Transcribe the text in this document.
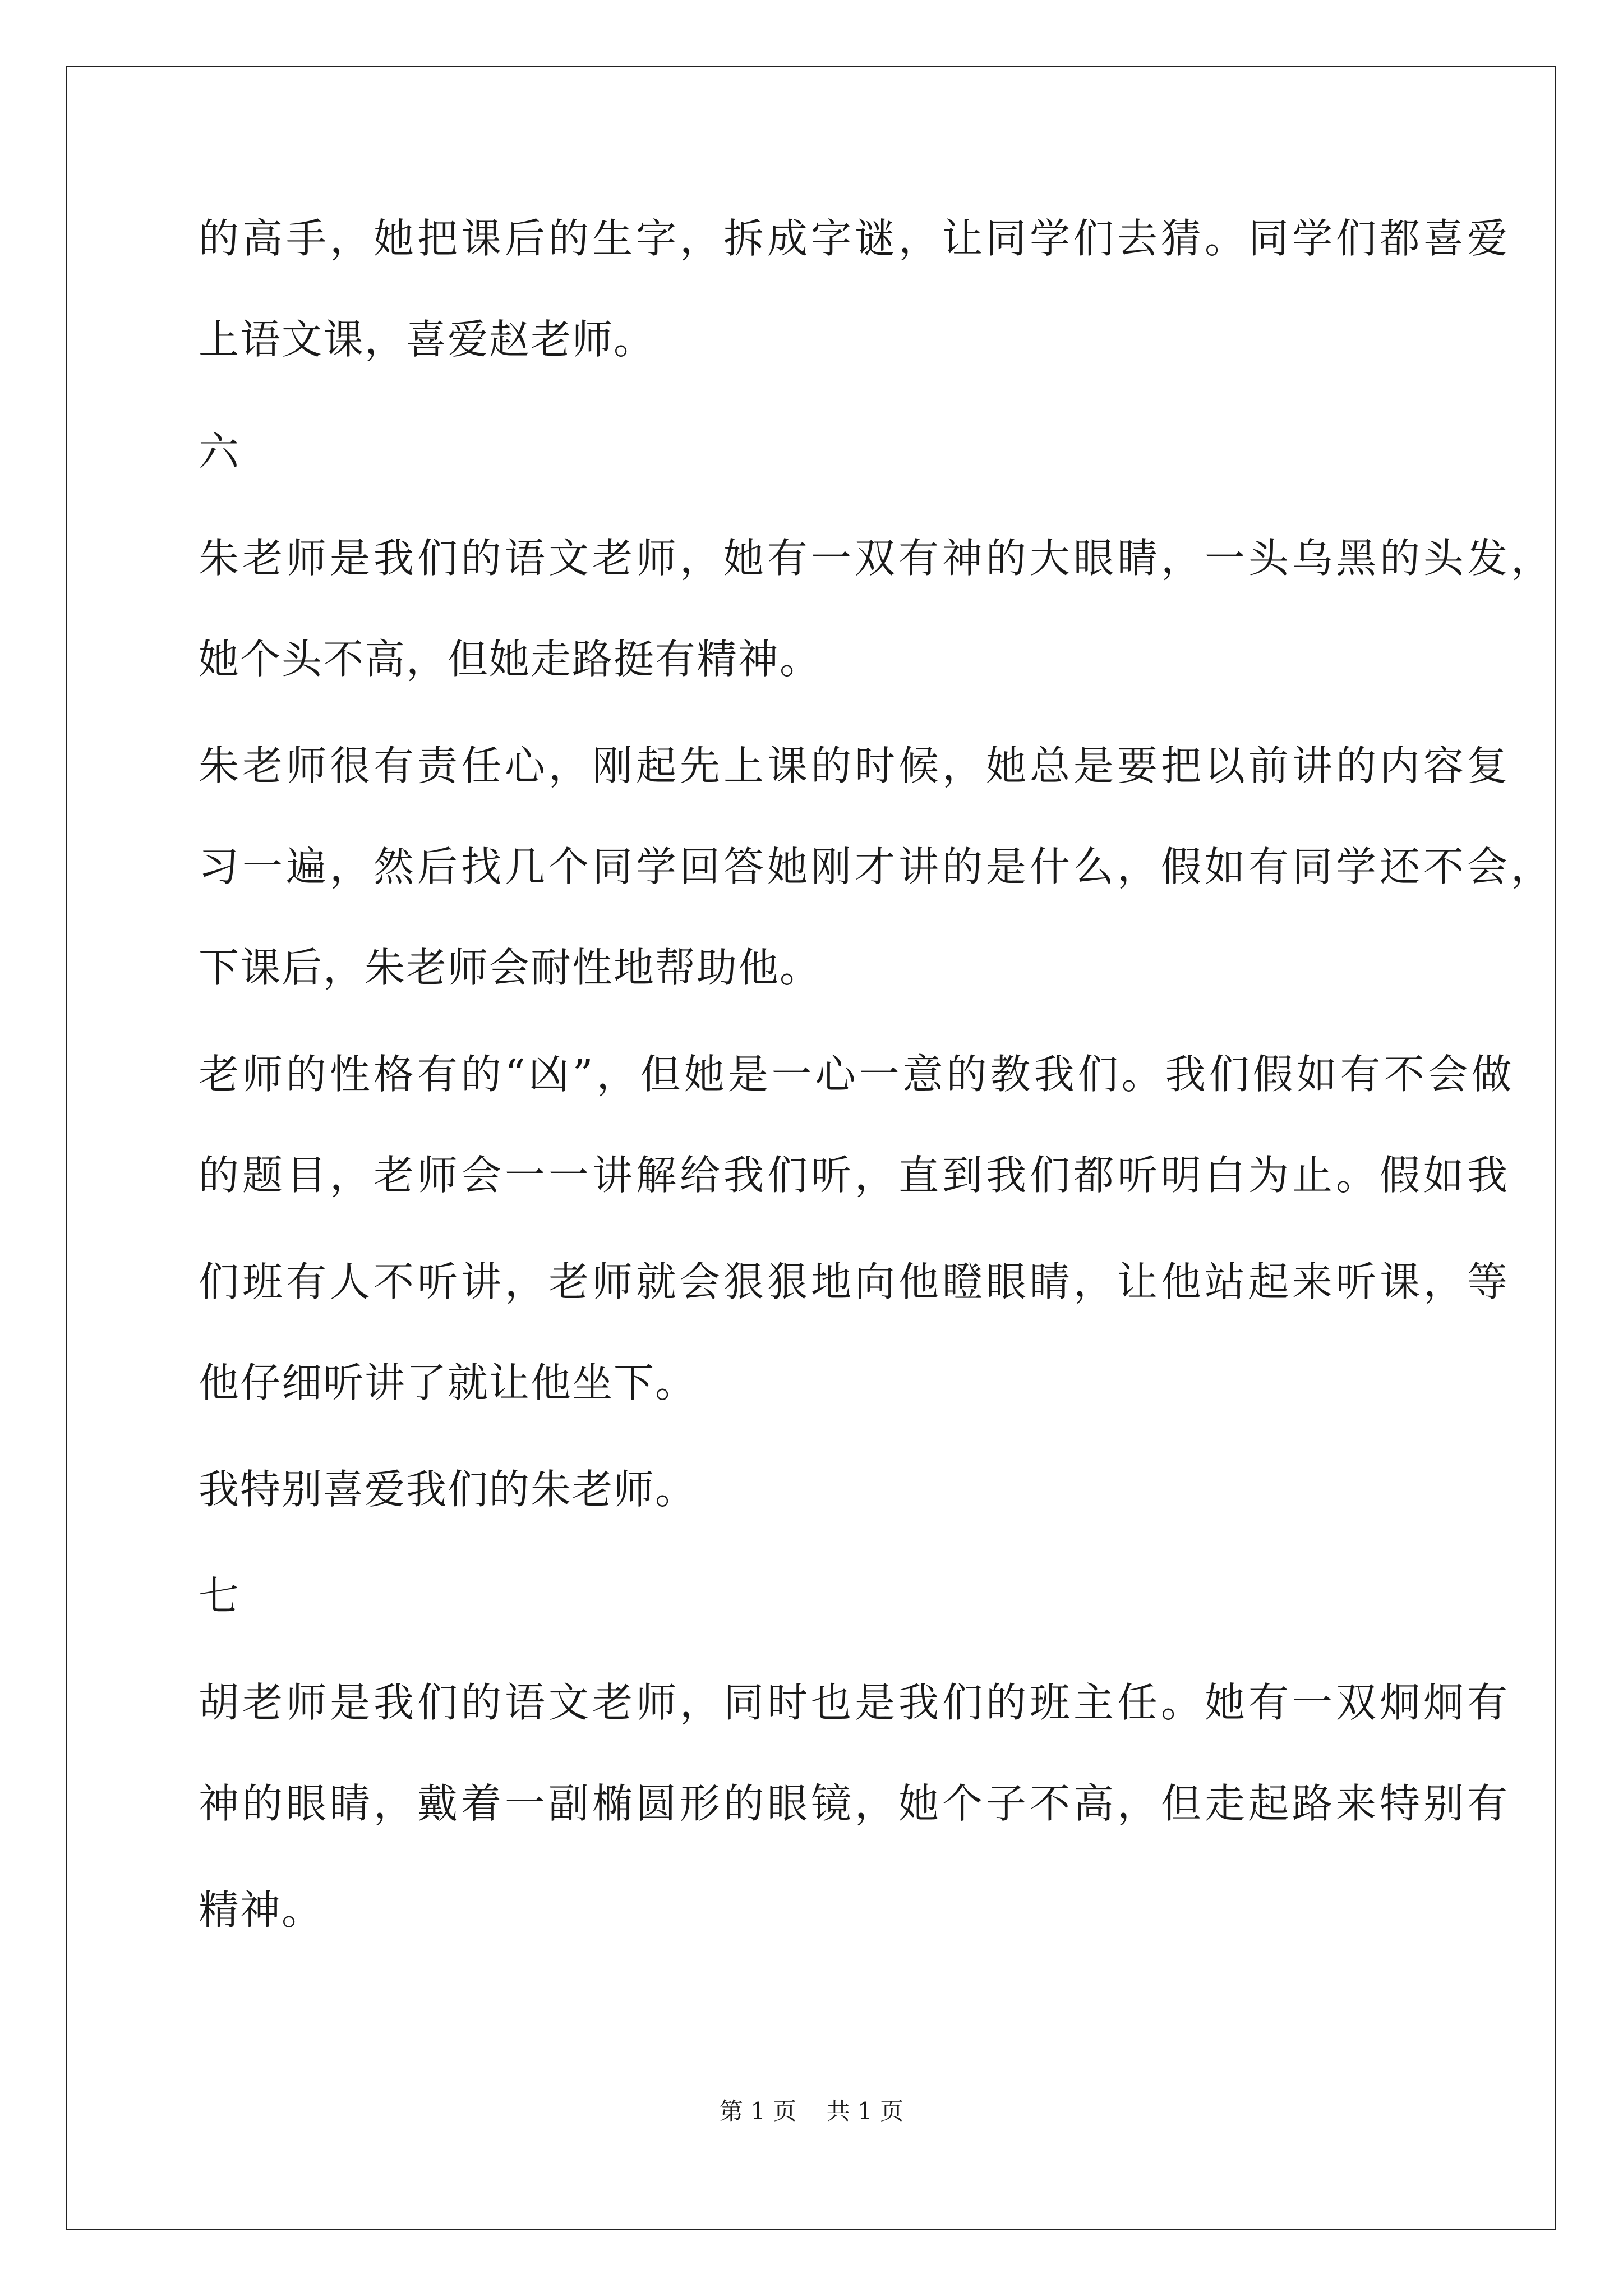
的高手，她把课后的生字，拆成字谜，让同学们去猜。同学们都喜爱
上语文课，喜爱赵老师。
六
朱老师是我们的语文老师，她有一双有神的大眼睛，一头乌黑的头发，
她个头不高，但她走路挺有精神。
朱老师很有责任心，刚起先上课的时候，她总是要把以前讲的内容复
习一遍，然后找几个同学回答她刚才讲的是什么，假如有同学还不会，
下课后，朱老师会耐性地帮助他。
老师的性格有的“凶”，但她是一心一意的教我们。我们假如有不会做
的题目，老师会一一讲解给我们听，直到我们都听明白为止。假如我
们班有人不听讲，老师就会狠狠地向他瞪眼睛，让他站起来听课，等
他仔细听讲了就让他坐下。
我特别喜爱我们的朱老师。
七
胡老师是我们的语文老师，同时也是我们的班主任。她有一双炯炯有
神的眼睛，戴着一副椭圆形的眼镜，她个子不高，但走起路来特别有
精神。
第 1 页    共 1 页
